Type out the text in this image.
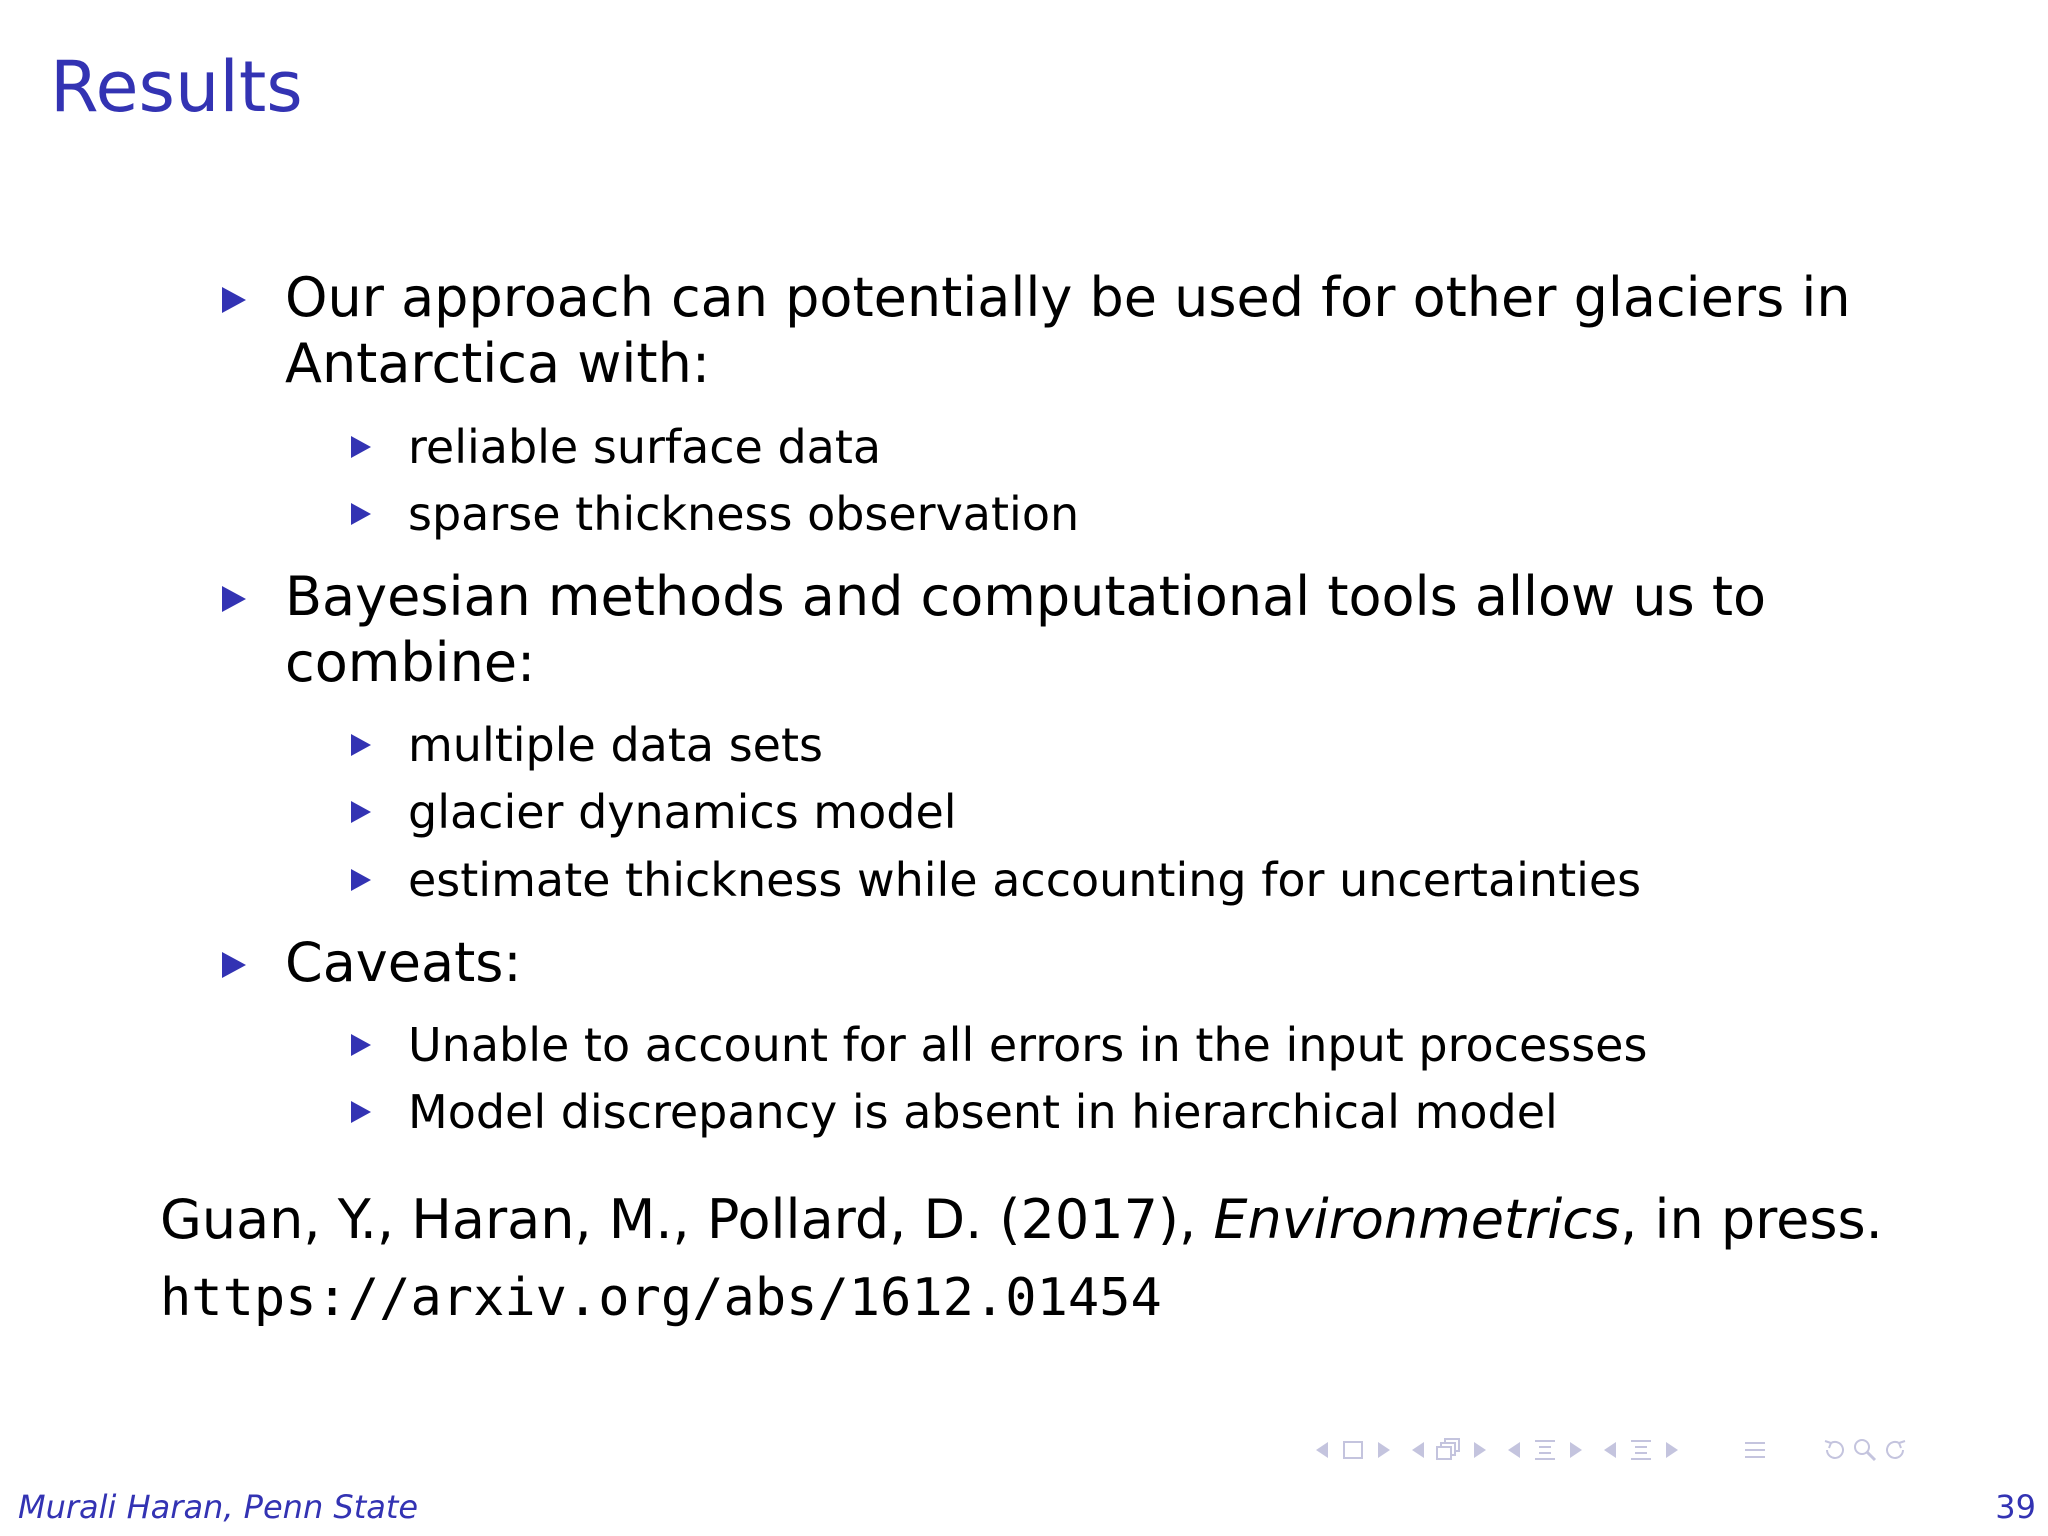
Results
Our approach can potentially be used for other glaciers in
Antarctica with:
reliable surface data
sparse thickness observation
Bayesian methods and computational tools allow us to
combine:
multiple data sets
glacier dynamics model
estimate thickness while accounting for uncertainties
Caveats:
Unable to account for all errors in the input processes
Model discrepancy is absent in hierarchical model
Guan, Y., Haran, M., Pollard, D. (2017), Environmetrics, in press.
https://arxiv.org/abs/1612.01454
Murali Haran, Penn State	39
